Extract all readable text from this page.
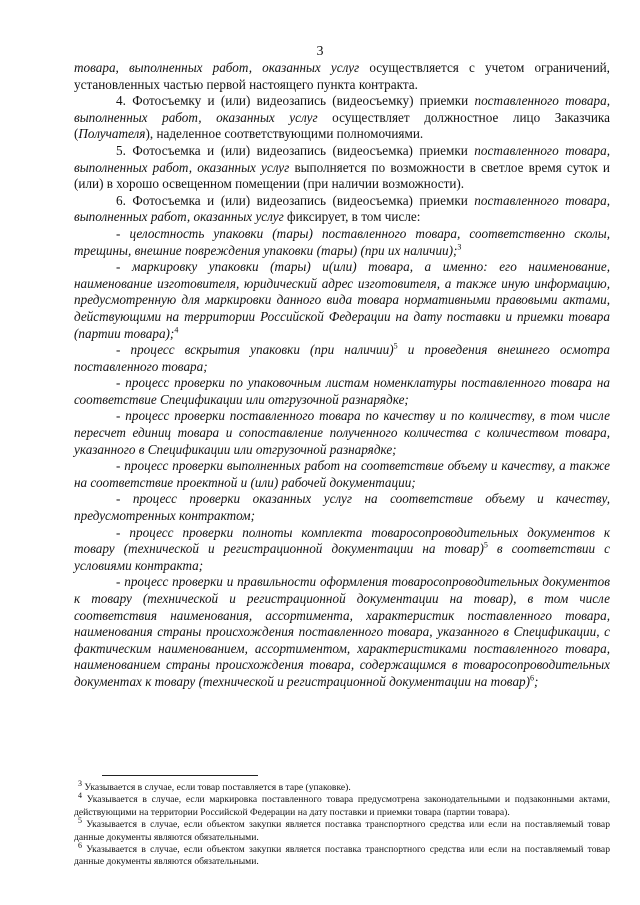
3

товара, выполненных работ, оказанных услуг осуществляется с учетом ограничений, установленных частью первой настоящего пункта контракта.

4. Фотосъемку и (или) видеозапись (видеосъемку) приемки поставленного товара, выполненных работ, оказанных услуг осуществляет должностное лицо Заказчика (Получателя), наделенное соответствующими полномочиями.

5. Фотосъемка и (или) видеозапись (видеосъемка) приемки поставленного товара, выполненных работ, оказанных услуг выполняется по возможности в светлое время суток и (или) в хорошо освещенном помещении (при наличии возможности).

6. Фотосъемка и (или) видеозапись (видеосъемка) приемки поставленного товара, выполненных работ, оказанных услуг фиксирует, в том числе:

- целостность упаковки (тары) поставленного товара, соответственно сколы, трещины, внешние повреждения упаковки (тары) (при их наличии);$^3$

- маркировку упаковки (тары) и(или) товара, а именно: его наименование, наименование изготовителя, юридический адрес изготовителя, а также иную информацию, предусмотренную для маркировки данного вида товара нормативными правовыми актами, действующими на территории Российской Федерации на дату поставки и приемки товара (партии товара);$^4$

- процесс вскрытия упаковки (при наличии)$^5$ и проведения внешнего осмотра поставленного товара;

- процесс проверки по упаковочным листам номенклатуры поставленного товара на соответствие Спецификации или отгрузочной разнарядке;

- процесс проверки поставленного товара по качеству и по количеству, в том числе пересчет единиц товара и сопоставление полученного количества с количеством товара, указанного в Спецификации или отгрузочной разнарядке;

- процесс проверки выполненных работ на соответствие объему и качеству, а также на соответствие проектной и (или) рабочей документации;

- процесс проверки оказанных услуг на соответствие объему и качеству, предусмотренных контрактом;

- процесс проверки полноты комплекта товаросопроводительных документов к товару (технической и регистрационной документации на товар)$^5$ в соответствии с условиями контракта;

- процесс проверки и правильности оформления товаросопроводительных документов к товару (технической и регистрационной документации на товар), в том числе соответствия наименования, ассортимента, характеристик поставленного товара, наименования страны происхождения поставленного товара, указанного в Спецификации, с фактическим наименованием, ассортиментом, характеристиками поставленного товара, наименованием страны происхождения товара, содержащимся в товаросопроводительных документах к товару (технической и регистрационной документации на товар)$^6$;

$^3$ Указывается в случае, если товар поставляется в таре (упаковке).

$^4$ Указывается в случае, если маркировка поставленного товара предусмотрена законодательными и подзаконными актами, действующими на территории Российской Федерации на дату поставки и приемки товара (партии товара).

$^5$ Указывается в случае, если объектом закупки является поставка транспортного средства или если на поставляемый товар данные документы являются обязательными.

$^6$ Указывается в случае, если объектом закупки является поставка транспортного средства или если на поставляемый товар данные документы являются обязательными.
